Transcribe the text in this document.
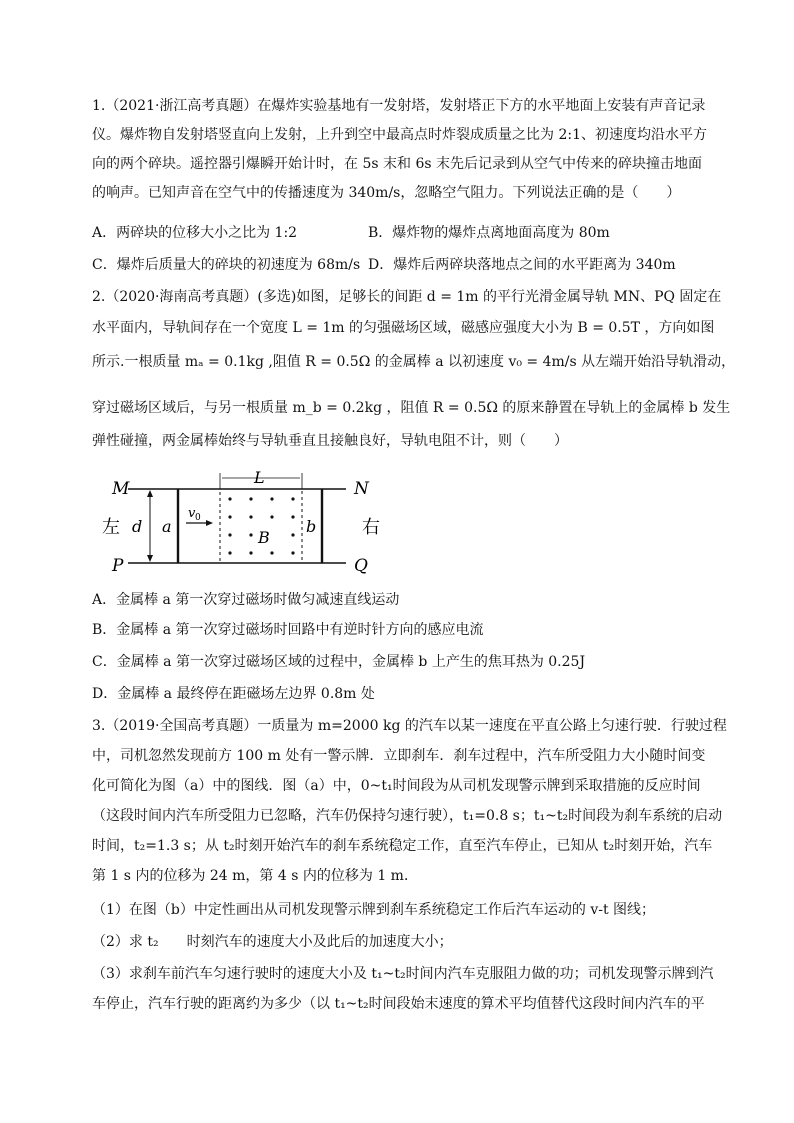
1.（2021·浙江高考真题）在爆炸实验基地有一发射塔，发射塔正下方的水平地面上安装有声音记录
仪。爆炸物自发射塔竖直向上发射，上升到空中最高点时炸裂成质量之比为 2:1、初速度均沿水平方
向的两个碎块。遥控器引爆瞬开始计时，在 5s 末和 6s 末先后记录到从空气中传来的碎块撞击地面
的响声。已知声音在空气中的传播速度为 340m/s，忽略空气阻力。下列说法正确的是（　　）
A．两碎块的位移大小之比为 1:2	B．爆炸物的爆炸点离地面高度为 80m
C．爆炸后质量大的碎块的初速度为 68m/s D．爆炸后两碎块落地点之间的水平距离为 340m
2.（2020·海南高考真题）(多选)如图，足够长的间距 d = 1m 的平行光滑金属导轨 MN、PQ 固定在
水平面内，导轨间存在一个宽度 L = 1m 的匀强磁场区域，磁感应强度大小为 B = 0.5T ，方向如图
所示.一根质量 mₐ = 0.1kg ,阻值 R = 0.5Ω 的金属棒 a 以初速度 v₀ = 4m/s 从左端开始沿导轨滑动，
穿过磁场区域后，与另一根质量 m_b = 0.2kg ，阻值 R = 0.5Ω 的原来静置在导轨上的金属棒 b 发生
弹性碰撞，两金属棒始终与导轨垂直且接触良好，导轨电阻不计，则（　　）
M	N
P	Q
左	右
d a
v 0	b
L
B
A．金属棒 a 第一次穿过磁场时做匀减速直线运动
B．金属棒 a 第一次穿过磁场时回路中有逆时针方向的感应电流
C．金属棒 a 第一次穿过磁场区域的过程中，金属棒 b 上产生的焦耳热为 0.25J
D．金属棒 a 最终停在距磁场左边界 0.8m 处
3.（2019·全国高考真题）一质量为 m=2000 kg 的汽车以某一速度在平直公路上匀速行驶．行驶过程
中，司机忽然发现前方 100 m 处有一警示牌．立即刹车．刹车过程中，汽车所受阻力大小随时间变
化可简化为图（a）中的图线．图（a）中，0~t₁时间段为从司机发现警示牌到采取措施的反应时间
（这段时间内汽车所受阻力已忽略，汽车仍保持匀速行驶），t₁=0.8 s；t₁~t₂时间段为刹车系统的启动
时间，t₂=1.3 s；从 t₂时刻开始汽车的刹车系统稳定工作，直至汽车停止，已知从 t₂时刻开始，汽车
第 1 s 内的位移为 24 m，第 4 s 内的位移为 1 m．
（1）在图（b）中定性画出从司机发现警示牌到刹车系统稳定工作后汽车运动的 v-t 图线；
（2）求 t₂　　时刻汽车的速度大小及此后的加速度大小；
（3）求刹车前汽车匀速行驶时的速度大小及 t₁~t₂时间内汽车克服阻力做的功；司机发现警示牌到汽
车停止，汽车行驶的距离约为多少（以 t₁~t₂时间段始末速度的算术平均值替代这段时间内汽车的平
